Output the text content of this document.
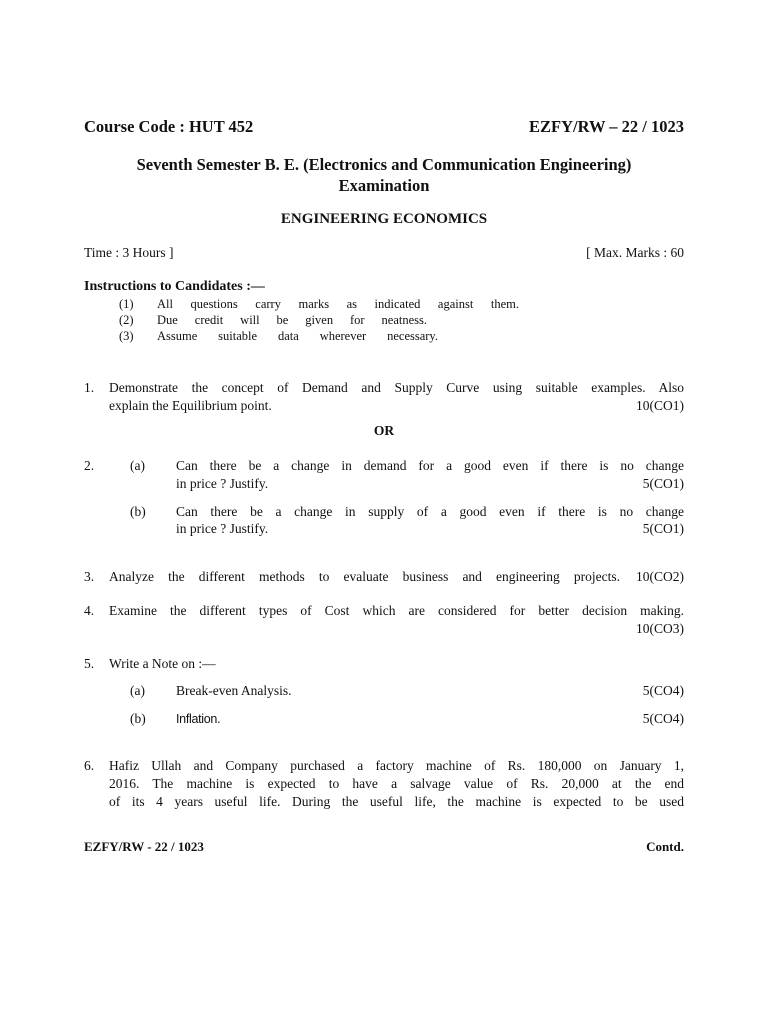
Course Code : HUT 452	EZFY/RW – 22 / 1023
Seventh Semester B. E. (Electronics and Communication Engineering)
Examination
ENGINEERING ECONOMICS
Time : 3 Hours ]	[ Max. Marks : 60
Instructions to Candidates :—
(1) All questions carry marks as indicated against them.
(2) Due credit will be given for neatness.
(3) Assume suitable data wherever necessary.
1. Demonstrate the concept of Demand and Supply Curve using suitable examples. Also
explain the Equilibrium point.	10(CO1)
OR
2.	(a) Can there be a change in demand for a good even if there is no change
in price ? Justify.	5(CO1)
(b) Can there be a change in supply of a good even if there is no change
in price ? Justify.	5(CO1)
3. Analyze the different methods to evaluate business and engineering projects. 10(CO2)
4. Examine the different types of Cost which are considered for better decision making.
10(CO3)
5. Write a Note on :—
(a) Break-even Analysis.	5(CO4)
(b) Inflation.	5(CO4)
6. Hafiz Ullah and Company purchased a factory machine of Rs. 180,000 on January 1,
2016. The machine is expected to have a salvage value of Rs. 20,000 at the end
of its 4 years useful life. During the useful life, the machine is expected to be used
EZFY/RW - 22 / 1023	Contd.
